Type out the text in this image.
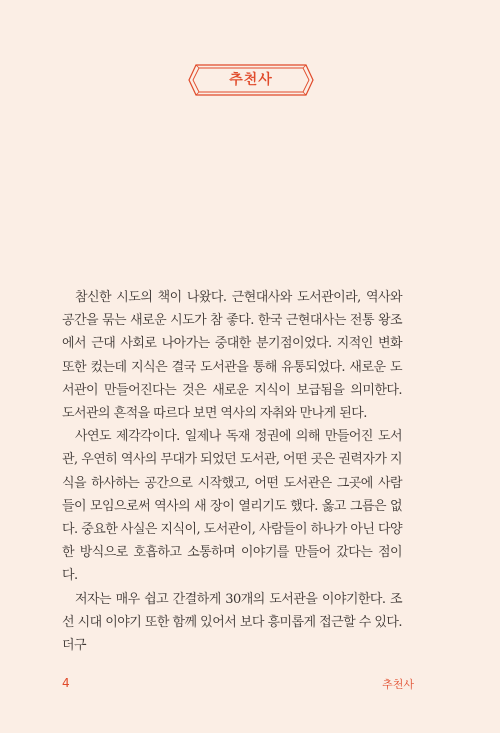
추천사

참신한 시도의 책이 나왔다. 근현대사와 도서관이라, 역사와 공간을 묶는 새로운 시도가 참 좋다. 한국 근현대사는 전통 왕조에서 근대 사회로 나아가는 중대한 분기점이었다. 지적인 변화 또한 컸는데 지식은 결국 도서관을 통해 유통되었다. 새로운 도서관이 만들어진다는 것은 새로운 지식이 보급됨을 의미한다. 도서관의 흔적을 따르다 보면 역사의 자취와 만나게 된다.

사연도 제각각이다. 일제나 독재 정권에 의해 만들어진 도서관, 우연히 역사의 무대가 되었던 도서관, 어떤 곳은 권력자가 지식을 하사하는 공간으로 시작했고, 어떤 도서관은 그곳에 사람들이 모임으로써 역사의 새 장이 열리기도 했다. 옳고 그름은 없다. 중요한 사실은 지식이, 도서관이, 사람들이 하나가 아닌 다양한 방식으로 호흡하고 소통하며 이야기를 만들어 갔다는 점이다.

저자는 매우 쉽고 간결하게 30개의 도서관을 이야기한다. 조선 시대 이야기 또한 함께 있어서 보다 흥미롭게 접근할 수 있다. 더구

4	추천사
